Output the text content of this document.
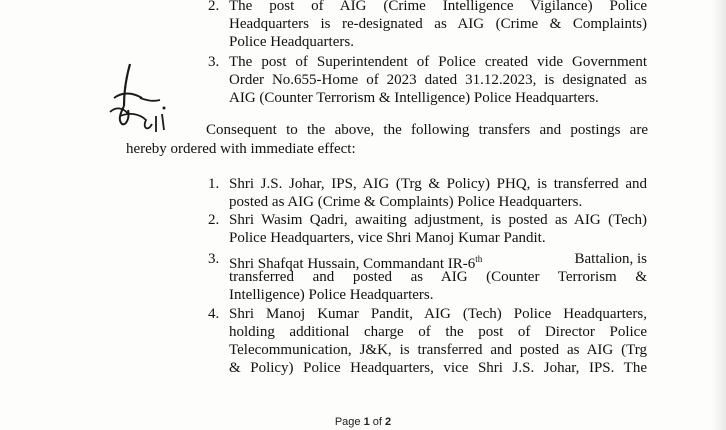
2. The post of AIG (Crime Intelligence Vigilance) Police
Headquarters is re-designated as AIG (Crime & Complaints)
Police Headquarters.
3. The post of Superintendent of Police created vide Government
Order No.655-Home of 2023 dated 31.12.2023, is designated as
AIG (Counter Terrorism & Intelligence) Police Headquarters.
Consequent to the above, the following transfers and postings are
hereby ordered with immediate effect:
1. Shri J.S. Johar, IPS, AIG (Trg & Policy) PHQ, is transferred and
posted as AIG (Crime & Complaints) Police Headquarters.
2. Shri Wasim Qadri, awaiting adjustment, is posted as AIG (Tech)
Police Headquarters, vice Shri Manoj Kumar Pandit.
3. Shri Shafqat Hussain, Commandant IR-6th	Battalion, is
transferred and posted as AIG (Counter Terrorism &
Intelligence) Police Headquarters.
4. Shri Manoj Kumar Pandit, AIG (Tech) Police Headquarters,
holding additional charge of the post of Director Police
Telecommunication, J&K, is transferred and posted as AIG (Trg
& Policy) Police Headquarters, vice Shri J.S. Johar, IPS. The
Page 1 of 2
